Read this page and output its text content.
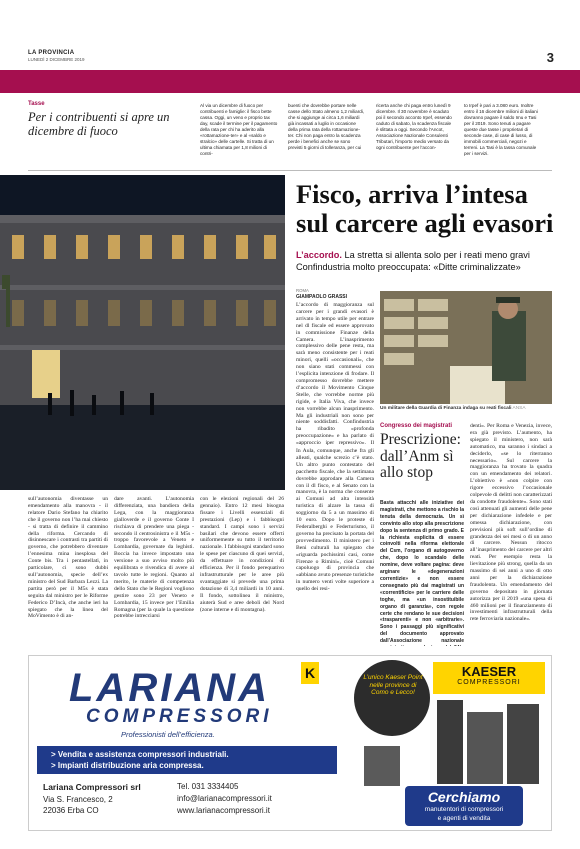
LA PROVINCIA
LUNEDÌ 2 DICEMBRE 2019	3
Tasse
Per i contribuenti si apre un dicembre di fuoco
Al via un dicembre di fuoco per contribuenti e famiglie: il fisco bette cassa. Oggi, un veno e proprio tax day, scade il termine per il pagamento della rata per chi ha aderito alla «rottamazione-ter» e al «saldo e stralcio» delle cartelle. Si tratta di un ultima chiamata per 1,8 milioni di contri-
buenti che dovrebbe portare nelle casse dello Stato almeno 1,2 miliardi, che si aggiunge ai circa 1,6 miliardi già incassati a luglio in occasione della prima rata della rottamazione-ter. Chi non paga entro la scadenza perde i benefici anche se sono previsti 5 giorni di tolleranza, per cui
ricerta anche chi paga entro lunedì 9 dicembre. Il 30 novembre è scaduto poi il secondo acconto Irpef, essendo caduto di sabato, la scadenza fiscale è slittata a oggi. Secondo l'Ancot, Associazione Nazionale Consulenti Tributari, l'importo medio versato da ogni contribuente per l'accon-
to Irpef è pari a 3.080 euro. Inoltre entro il 16 dicembre milioni di italiani dovranno pagare il saldo Imu e Tasi per il 2019. Sono tenuti a pagare queste due tasse i proprietari di seconde case, di case di lusso, di immobili commerciali, negozi e terreni. La Tasi è la tassa comunale per i servizi.
Fisco, arriva l’intesa sul carcere agli evasori
L’accordo. La stretta si allenta solo per i reati meno gravi Confindustria molto preoccupata: «Ditte criminalizzate»
ROMA
GIAMPAOLO GRASSI
L’accordo di maggioranza sul carcere per i grandi evasori è arrivato in tempo utile per entrare nel dl fiscale ed essere approvato in commissione Finanze della Camera. L’inasprimento complessivo delle pene resta, ma sarà meno consistente per i reati minori, quelli «occasionali», che non siano stati commessi con l’esplicita intenzione di frodare. Il compromesso dovrebbe mettere d’accordo il Movimento Cinque Stelle, che vorrebbe norme più rigide, e Italia Viva, che invece non vorrebbe alcun inasprimento. Ma gli industriali non sono per niente soddisfatti. Confindustria ha ribadito «profonda preoccupazione» e ha parlato di «approccio iper repressivo». Il
In Aula, comunque, anche fra gli alleati, qualche screzio c’è stato. Un altro punto contestato del pacchetto fiscale, che la settimana dovrebbe approdare alla Camera con il dl fisco, e al Senato con la manovra, è la norma che consente ai Comuni ad alta intensità turistica di alzare la tassa di soggiorno da 5 a un massimo di 10 euro. Dopo le proteste di Federalberghi e Federturismo, il governo ha precisato la portata del provvedimento. Il ministero per i Beni culturali ha spiegato che «riguarda pochissimi casi, come Firenze o Rimini», cioè Comuni capoluogo di provincia che «abbiano avuto presenze turistiche in numero venti volte superiore a quello dei resi-
Un militare della Guardia di Finanza indaga su reati fiscali ANSA
Congresso dei magistrati
Prescrizione: dall’Anm sì allo stop
Basta attacchi alle iniziative dei magistrati, che mettono a rischio la tenuta della democrazia. Un sì convinto allo stop alla prescrizione dopo la sentenza di primo grado. E la richiesta esplicita di essere coinvolti nella riforma elettorale del Csm, l’organo di autogoverno che, dopo lo scandalo delle nomine, deve voltare pagina: deve arginare le «degenerazioni correntizie» e non essere consegnato più dai magistrati un «correntificio» per le carriere delle toghe, ma «un insostituibile organo di garanzia», con regole certe che rendano le sue decisioni «trasparenti» e non «arbitrarie». Sono i passaggi più significativi del documento approvato dall’Associazione nazionale
denti». Per Roma e Venezia, invece, era già previsto. L’aumento, ha spiegato il ministero, non sarà automatico, ma saranno i sindaci a deciderlo, «se lo riterranno necessario». Sul carcere la maggioranza ha trovato la quadra con un emendamento dei relatori. L’obiettivo è «non colpire con rigore eccessivo l’occasionale colpevole di delitti non caratterizzati da condotte fraudolente». Sono stati così attenuati gli aumenti delle pene per dichiarazione infedele e per omessa dichiarazione, con previsioni più soft sull’ordine di grandezza dei sei mesi o di un anno di carcere. Nessun ritocco all’inasprimento del carcere per altri reati. Per esempio resta la lievitazione più strong, quella da un massimo di sei anni a uno di otto anni per la dichiarazione fraudolenta. Un emendamento del governo depositato in giornata autorizza per il 2019 «una spesa di 460 milioni per il finanziamento di investimenti infrastrutturali della rete ferroviaria nazionale».
sull’autonomia diventasse un emendamento alla manovra - il relatore Dario Stefano ha chiarito che il governo non l’ha mai chiesto - si tratta di definire il cammino della riforma. Cercando di disinnescare i contrasti tra partiti di governo, che potrebbero diventare l’ennesima mina inesplosa del Conte bis. Tra i pentastellati, in particolare, ci sono dubbi sull’autonomia, specie dell’ex ministro del Sud Barbara Lezzi. La partita però per il M5s è stata seguita dal ministro per le Riforme Federico D’Incà, che anche ieri ha spiegato che la linea del MoVimento è di an-
dare avanti. L’autonomia differenziata, una bandiera della Lega, con la maggioranza gialloverde e il governo Conte I rischiava di prendere una piega - secondo il centrosinistra e il M5s - troppo favorevole a Veneto e Lombardia, governate da leghisti. Boccia ha invece impostato una versione a suo avviso molto più equilibrata e rivendica di avere al tavolo tutte le regioni. Quanto al merito, le materie di competenza dello Stato che le Regioni vogliono gestire sono 23 per Veneto e Lombardia, 15 invece per l’Emilia Romagna (per la quale la questione potrebbe intrecciarsi
con le elezioni regionali del 26 gennaio). Entro 12 mesi bisogna fissare i Livelli essenziali di prestazioni (Lep) e i fabbisogni standard. I campi sono i servizi basilari che devono essere offerti uniformemente su tutto il territorio nazionale. I fabbisogni standard sono le spese per ciascuno di quei servizi, da effettuare in condizioni di efficienza. Per il fondo perequativo infrastrutturale per le aree più svantaggiate si prevede una prima dotazione di 3,4 miliardi in 10 anni. Il fondo, sottolinea il ministro, aiuterà Sud e aree deboli del Nord (zone interne e di montagna).
LARIANA
COMPRESSORI
K
Professionisti dell’efficienza.
> Vendita e assistenza compressori industriali.
> Impianti distribuzione aria compressa.
Lariana Compressori srl
Via S. Francesco, 2
22036 Erba CO
Tel. 031 3334405
info@larianacompressori.it
www.larianacompressori.it
L’unico Kaeser Point nelle province di Como e Lecco!
KAESER
COMPRESSORI
Cerchiamo
manutentori di compressori
e agenti di vendita
